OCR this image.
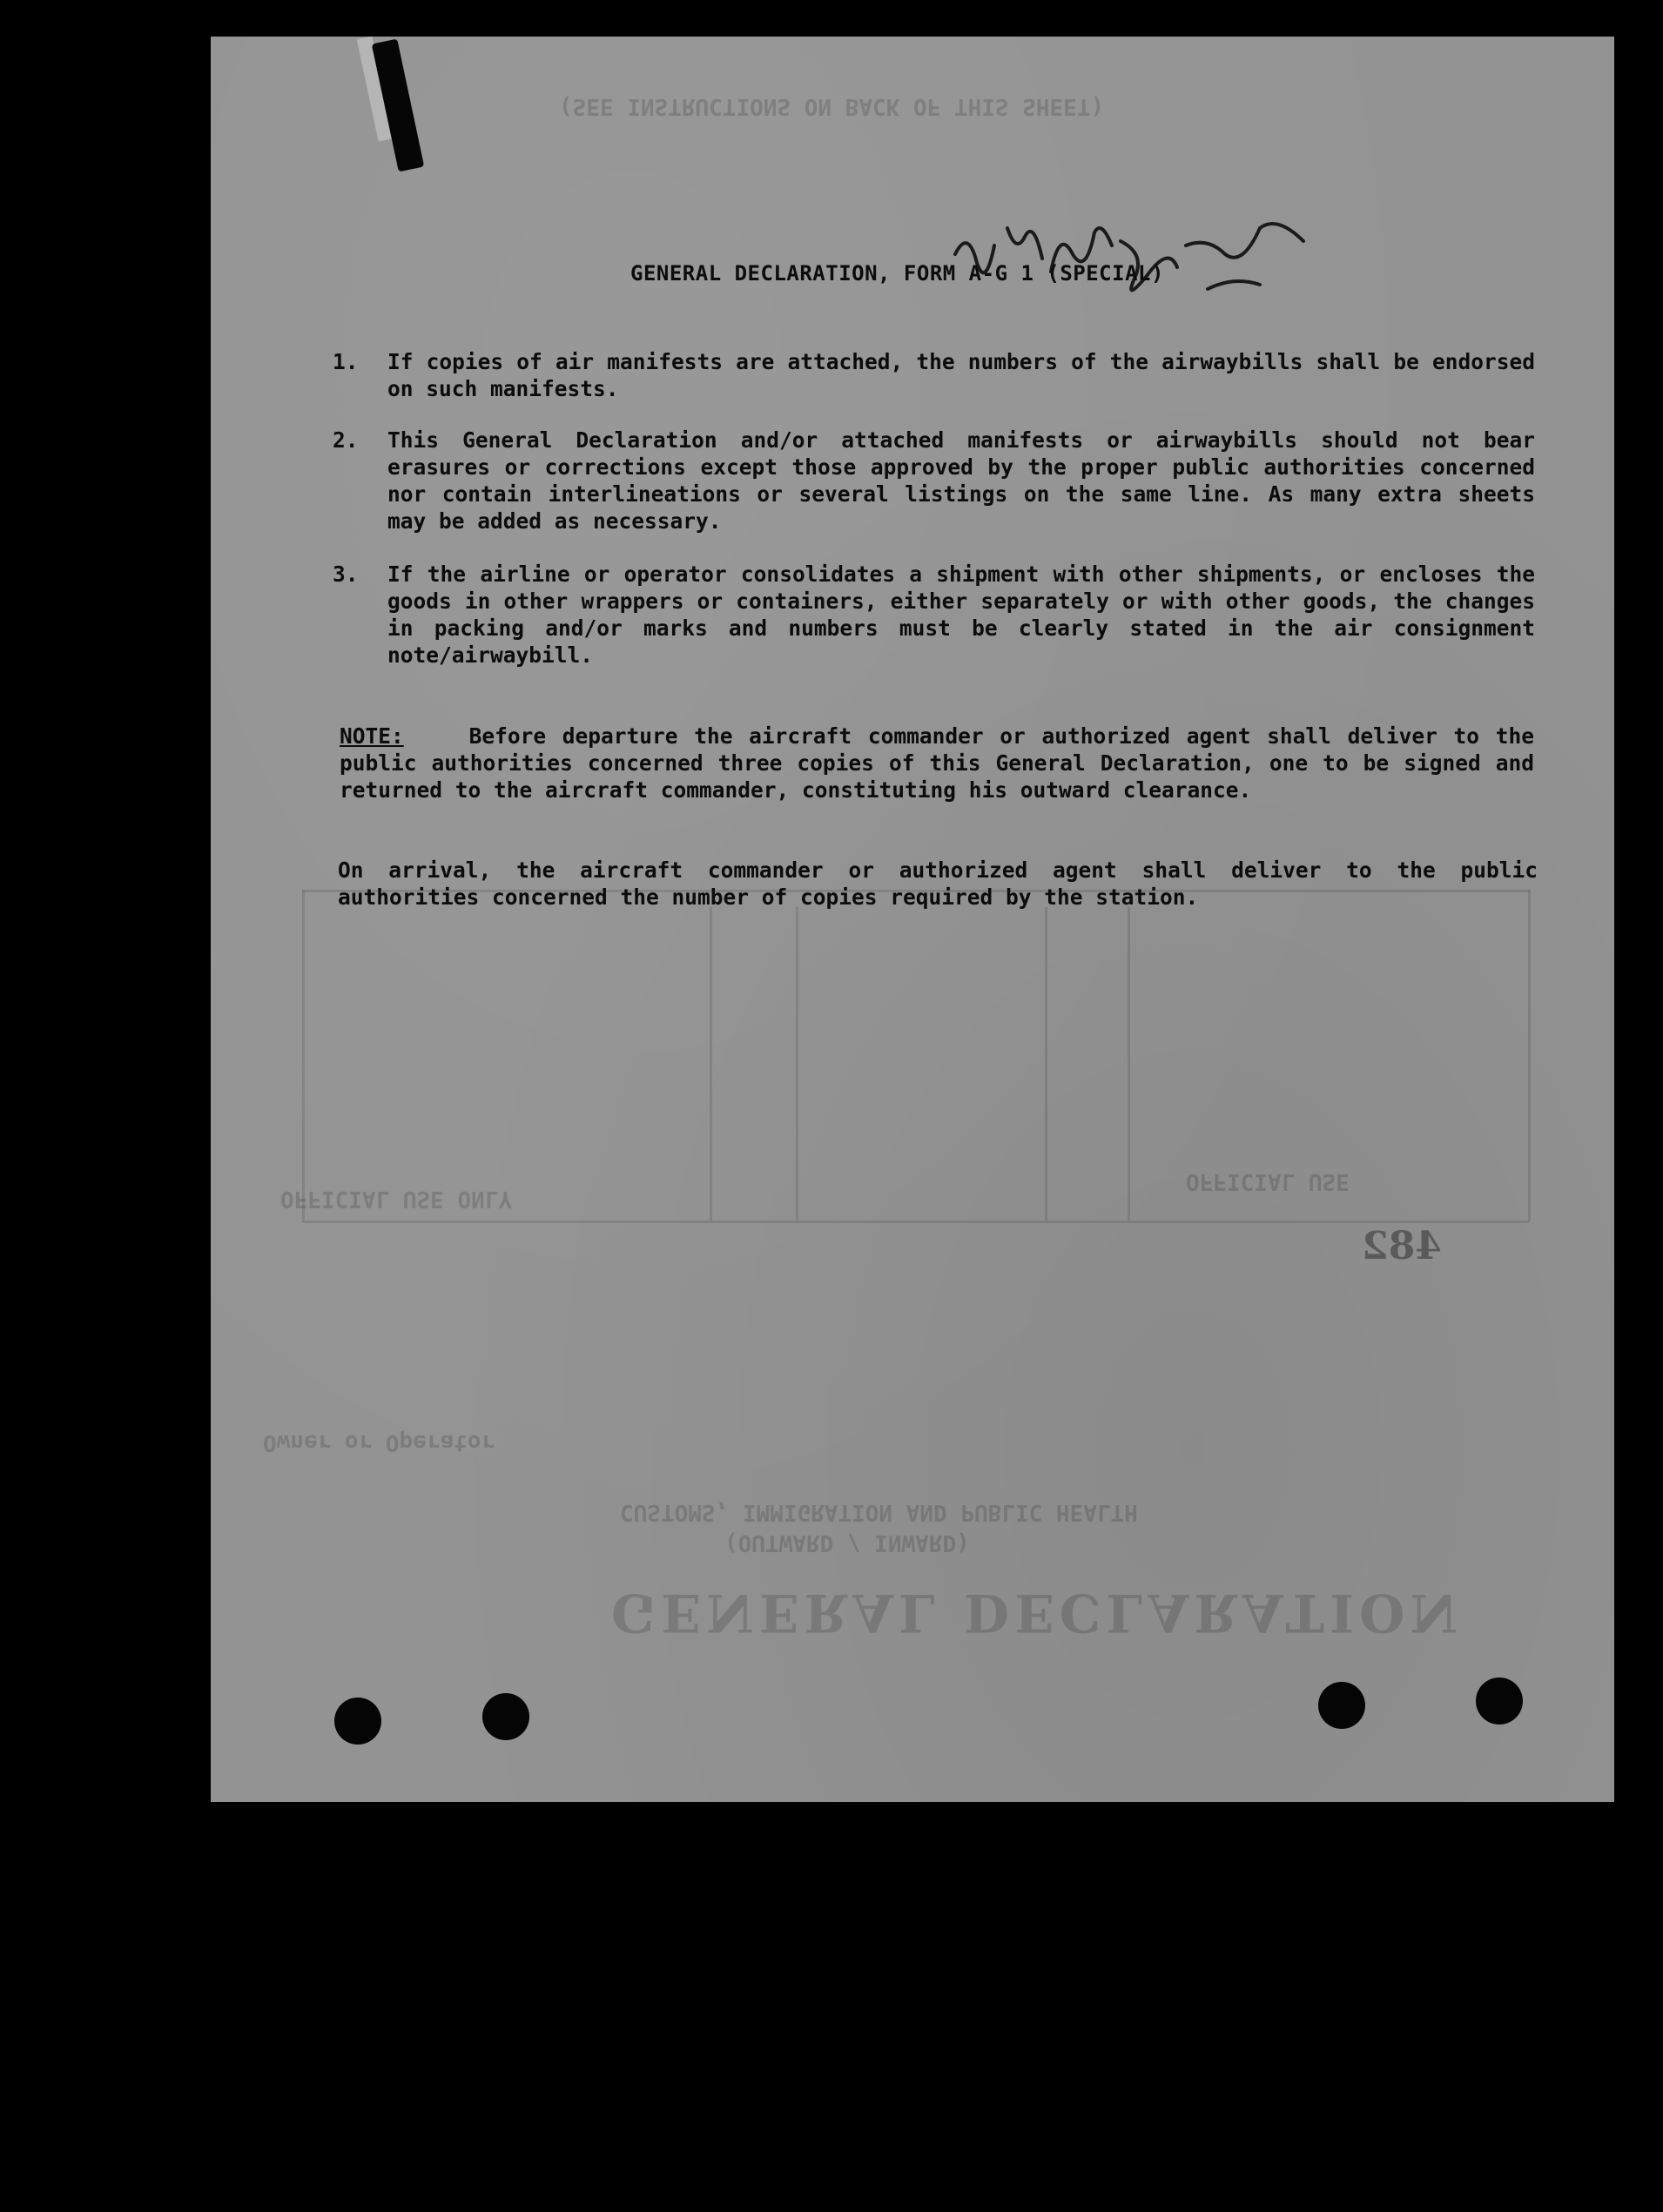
GENERAL DECLARATION
(OUTWARD / INWARD)
CUSTOMS, IMMIGRATION AND PUBLIC HEALTH
Owner or Operator
OFFICIAL USE ONLY
OFFICIAL USE
(SEE INSTRUCTIONS ON BACK OF THIS SHEET)
GENERAL DECLARATION, FORM A-G 1 (SPECIAL)
1. If copies of air manifests are attached, the numbers of the airwaybills shall be endorsed on such manifests.
2. This General Declaration and/or attached manifests or airwaybills should not bear erasures or corrections except those approved by the proper public authorities concerned nor contain interlineations or several listings on the same line. As many extra sheets may be added as necessary.
3. If the airline or operator consolidates a shipment with other shipments, or encloses the goods in other wrappers or containers, either separately or with other goods, the changes in packing and/or marks and numbers must be clearly stated in the air consignment note/airwaybill.
NOTE:	Before departure the aircraft commander or authorized agent shall deliver to the public authorities concerned three copies of this General Declaration, one to be signed and returned to the aircraft commander, constituting his outward clearance.
On arrival, the aircraft commander or authorized agent shall deliver to the public authorities concerned the number of copies required by the station.
482
